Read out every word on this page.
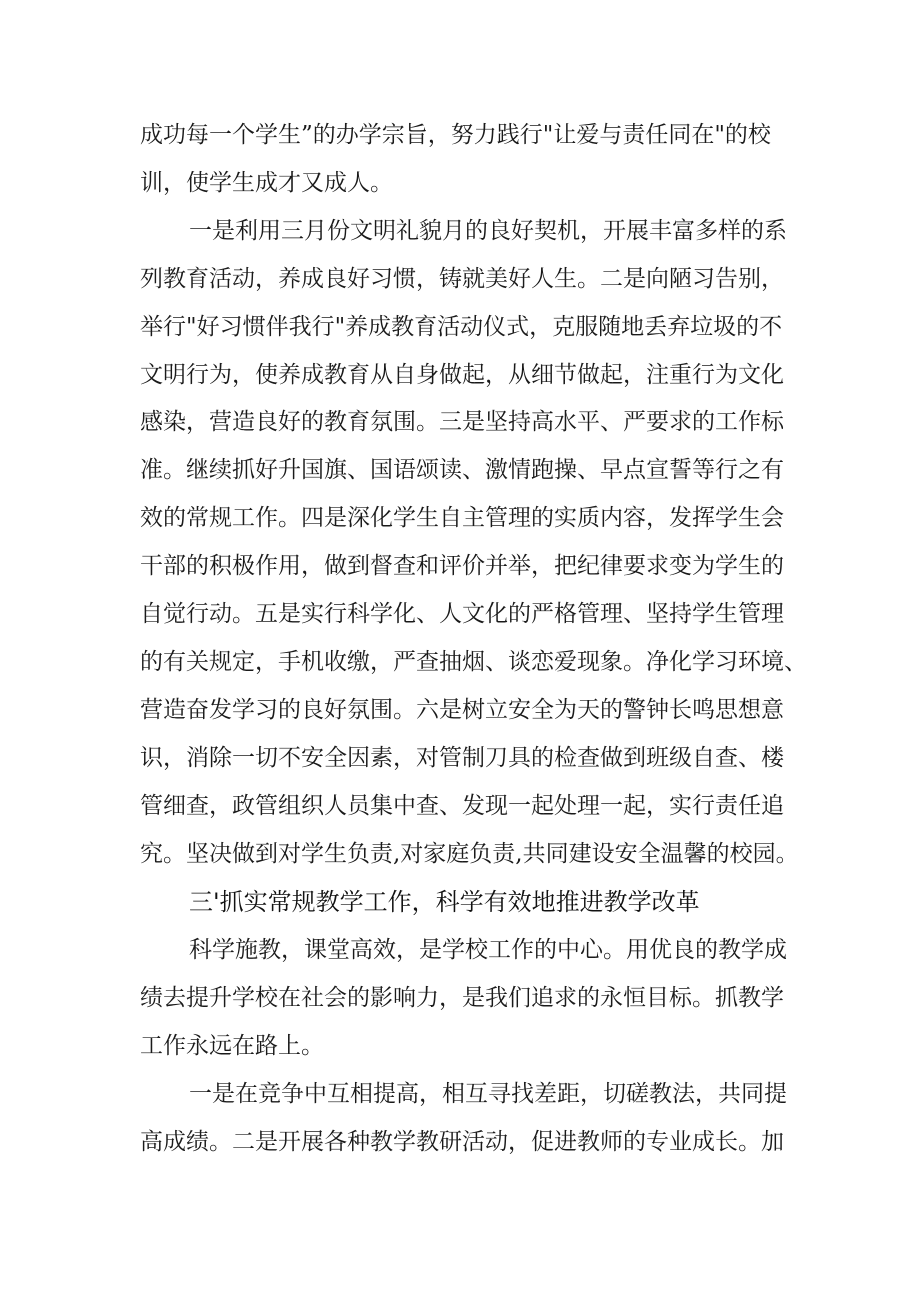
成功每一个学生”的办学宗旨，努力践行"让爱与责任同在"的校
训，使学生成才又成人。
一是利用三月份文明礼貌月的良好契机，开展丰富多样的系
列教育活动，养成良好习惯，铸就美好人生。二是向陋习告别，
举行"好习惯伴我行"养成教育活动仪式，克服随地丢弃垃圾的不
文明行为，使养成教育从自身做起，从细节做起，注重行为文化
感染，营造良好的教育氛围。三是坚持高水平、严要求的工作标
准。继续抓好升国旗、国语颂读、激情跑操、早点宣誓等行之有
效的常规工作。四是深化学生自主管理的实质内容，发挥学生会
干部的积极作用，做到督查和评价并举，把纪律要求变为学生的
自觉行动。五是实行科学化、人文化的严格管理、坚持学生管理
的有关规定，手机收缴，严查抽烟、谈恋爱现象。净化学习环境、
营造奋发学习的良好氛围。六是树立安全为天的警钟长鸣思想意
识，消除一切不安全因素，对管制刀具的检查做到班级自查、楼
管细查，政管组织人员集中查、发现一起处理一起，实行责任追
究。坚决做到对学生负责,对家庭负责,共同建设安全温馨的校园。
三'抓实常规教学工作，科学有效地推进教学改革
科学施教，课堂高效，是学校工作的中心。用优良的教学成
绩去提升学校在社会的影响力，是我们追求的永恒目标。抓教学
工作永远在路上。
一是在竞争中互相提高，相互寻找差距，切磋教法，共同提
高成绩。二是开展各种教学教研活动，促进教师的专业成长。加
